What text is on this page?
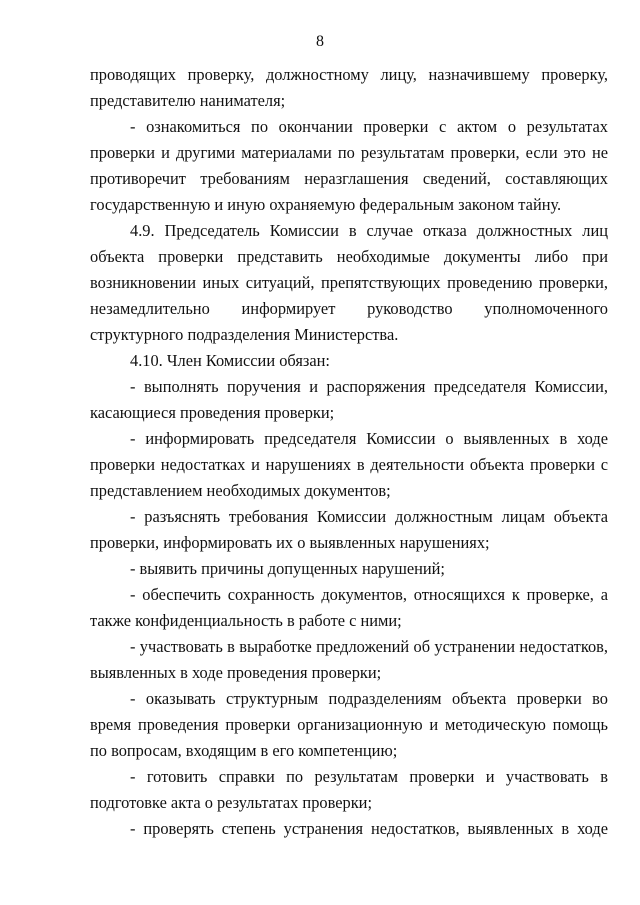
8

проводящих проверку, должностному лицу, назначившему проверку, представителю нанимателя;

- ознакомиться по окончании проверки с актом о результатах проверки и другими материалами по результатам проверки, если это не противоречит требованиям неразглашения сведений, составляющих государственную и иную охраняемую федеральным законом тайну.

4.9. Председатель Комиссии в случае отказа должностных лиц объекта проверки представить необходимые документы либо при возникновении иных ситуаций, препятствующих проведению проверки, незамедлительно информирует руководство уполномоченного структурного подразделения Министерства.

4.10. Член Комиссии обязан:

- выполнять поручения и распоряжения председателя Комиссии, касающиеся проведения проверки;

- информировать председателя Комиссии о выявленных в ходе проверки недостатках и нарушениях в деятельности объекта проверки с представлением необходимых документов;

- разъяснять требования Комиссии должностным лицам объекта проверки, информировать их о выявленных нарушениях;

- выявить причины допущенных нарушений;

- обеспечить сохранность документов, относящихся к проверке, а также конфиденциальность в работе с ними;

- участвовать в выработке предложений об устранении недостатков, выявленных в ходе проведения проверки;

- оказывать структурным подразделениям объекта проверки во время проведения проверки организационную и методическую помощь по вопросам, входящим в его компетенцию;

- готовить справки по результатам проверки и участвовать в подготовке акта о результатах проверки;

- проверять степень устранения недостатков, выявленных в ходе
